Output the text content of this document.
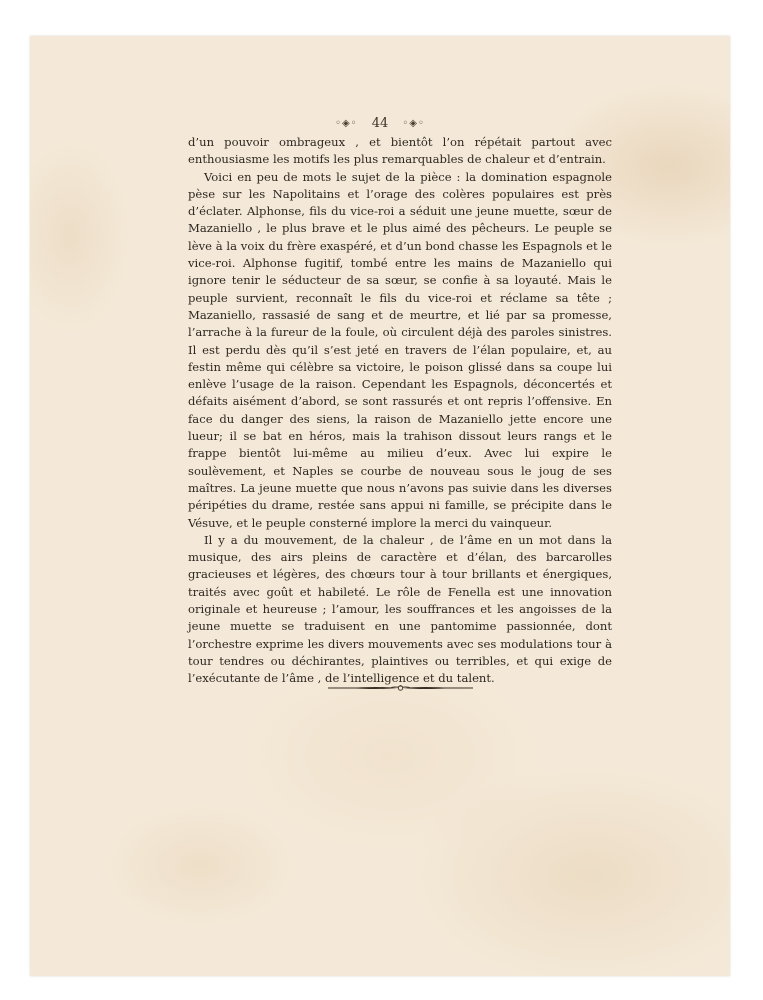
◦◈◦ 44 ◦◈◦

d’un pouvoir ombrageux , et bientôt l’on répétait partout avec enthousiasme les motifs les plus remarquables de chaleur et d’entrain.

Voici en peu de mots le sujet de la pièce : la domination espagnole pèse sur les Napolitains et l’orage des colères populaires est près d’éclater. Alphonse, fils du vice-roi a séduit une jeune muette, sœur de Mazaniello , le plus brave et le plus aimé des pêcheurs. Le peuple se lève à la voix du frère exaspéré, et d’un bond chasse les Espagnols et le vice-roi. Alphonse fugitif, tombé entre les mains de Mazaniello qui ignore tenir le séducteur de sa sœur, se confie à sa loyauté. Mais le peuple survient, reconnaît le fils du vice-roi et réclame sa tête ; Mazaniello, rassasié de sang et de meurtre, et lié par sa promesse, l’arrache à la fureur de la foule, où circulent déjà des paroles sinistres. Il est perdu dès qu’il s’est jeté en travers de l’élan populaire, et, au festin même qui célèbre sa victoire, le poison glissé dans sa coupe lui enlève l’usage de la raison. Cependant les Espagnols, déconcertés et défaits aisément d’abord, se sont rassurés et ont repris l’offensive. En face du danger des siens, la raison de Mazaniello jette encore une lueur; il se bat en héros, mais la trahison dissout leurs rangs et le frappe bientôt lui-même au milieu d’eux. Avec lui expire le soulèvement, et Naples se courbe de nouveau sous le joug de ses maîtres. La jeune muette que nous n’avons pas suivie dans les diverses péripéties du drame, restée sans appui ni famille, se précipite dans le Vésuve, et le peuple consterné implore la merci du vainqueur.

Il y a du mouvement, de la chaleur , de l’âme en un mot dans la musique, des airs pleins de caractère et d’élan, des barcarolles gracieuses et légères, des chœurs tour à tour brillants et énergiques, traités avec goût et habileté. Le rôle de Fenella est une innovation originale et heureuse ; l’amour, les souffrances et les angoisses de la jeune muette se traduisent en une pantomime passionnée, dont l’orchestre exprime les divers mouvements avec ses modulations tour à tour tendres ou déchirantes, plaintives ou terribles, et qui exige de l’exécutante de l’âme , de l’intelligence et du talent.
